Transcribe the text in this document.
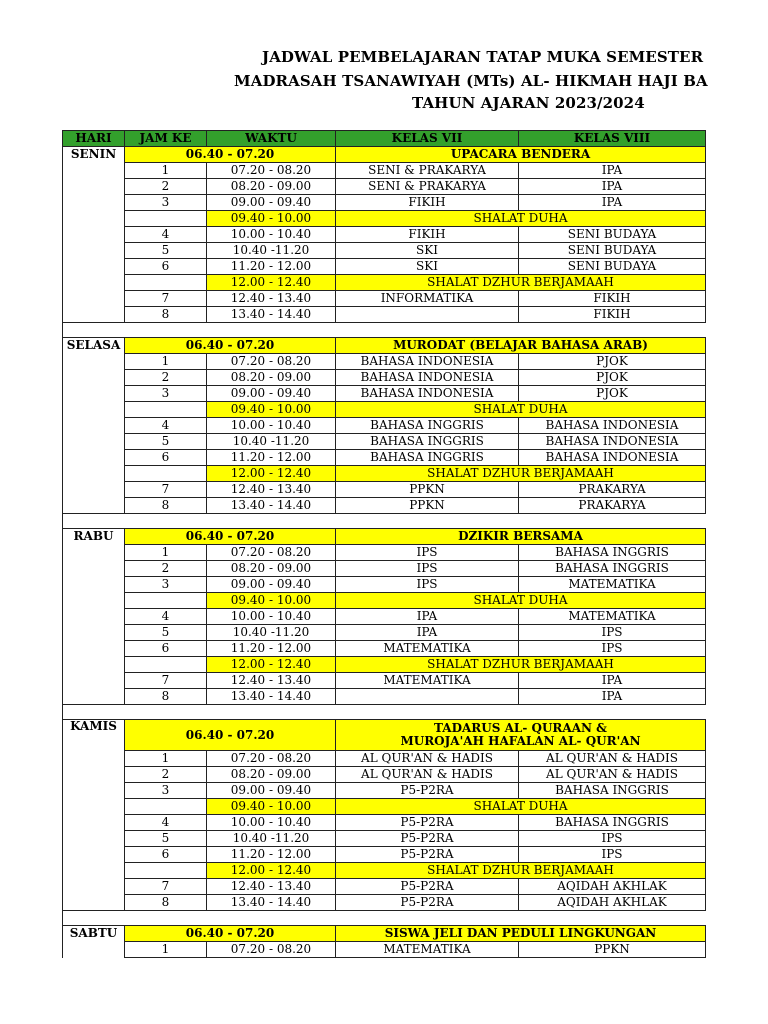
JADWAL PEMBELAJARAN TATAP MUKA SEMESTER
MADRASAH TSANAWIYAH (MTs) AL- HIKMAH HAJI BA
TAHUN AJARAN 2023/2024
HARI	JAM KE	WAKTU	KELAS VII	KELAS VIII
SENIN	06.40 - 07.20		UPACARA BENDERA	
	1	07.20 - 08.20	SENI & PRAKARYA	IPA
	2	08.20 - 09.00	SENI & PRAKARYA	IPA
	3	09.00 - 09.40	FIKIH	IPA
		09.40 - 10.00	SHALAT DUHA	
	4	10.00 - 10.40	FIKIH	SENI BUDAYA
	5	10.40 -11.20	SKI	SENI BUDAYA
	6	11.20 - 12.00	SKI	SENI BUDAYA
		12.00 - 12.40	SHALAT DZHUR BERJAMAAH	
	7	12.40 - 13.40	INFORMATIKA	FIKIH
	8	13.40 - 14.40		FIKIH

SELASA	06.40 - 07.20		MURODAT (BELAJAR BAHASA ARAB)	
	1	07.20 - 08.20	BAHASA INDONESIA	PJOK
	2	08.20 - 09.00	BAHASA INDONESIA	PJOK
	3	09.00 - 09.40	BAHASA INDONESIA	PJOK
		09.40 - 10.00	SHALAT DUHA	
	4	10.00 - 10.40	BAHASA INGGRIS	BAHASA INDONESIA
	5	10.40 -11.20	BAHASA INGGRIS	BAHASA INDONESIA
	6	11.20 - 12.00	BAHASA INGGRIS	BAHASA INDONESIA
		12.00 - 12.40	SHALAT DZHUR BERJAMAAH	
	7	12.40 - 13.40	PPKN	PRAKARYA
	8	13.40 - 14.40	PPKN	PRAKARYA

RABU	06.40 - 07.20		DZIKIR BERSAMA	
	1	07.20 - 08.20	IPS	BAHASA INGGRIS
	2	08.20 - 09.00	IPS	BAHASA INGGRIS
	3	09.00 - 09.40	IPS	MATEMATIKA
		09.40 - 10.00	SHALAT DUHA	
	4	10.00 - 10.40	IPA	MATEMATIKA
	5	10.40 -11.20	IPA	IPS
	6	11.20 - 12.00	MATEMATIKA	IPS
		12.00 - 12.40	SHALAT DZHUR BERJAMAAH	
	7	12.40 - 13.40	MATEMATIKA	IPA
	8	13.40 - 14.40		IPA

KAMIS	06.40 - 07.20		TADARUS AL- QURAAN &
MUROJA'AH HAFALAN AL- QUR'AN	

	1	07.20 - 08.20	AL QUR'AN & HADIS	AL QUR'AN & HADIS
	2	08.20 - 09.00	AL QUR'AN & HADIS	AL QUR'AN & HADIS
	3	09.00 - 09.40	P5-P2RA	BAHASA INGGRIS
		09.40 - 10.00	SHALAT DUHA	
	4	10.00 - 10.40	P5-P2RA	BAHASA INGGRIS
	5	10.40 -11.20	P5-P2RA	IPS
	6	11.20 - 12.00	P5-P2RA	IPS
		12.00 - 12.40	SHALAT DZHUR BERJAMAAH	
	7	12.40 - 13.40	P5-P2RA	AQIDAH AKHLAK
	8	13.40 - 14.40	P5-P2RA	AQIDAH AKHLAK

SABTU	06.40 - 07.20		SISWA JELI DAN PEDULI LINGKUNGAN	
	1	07.20 - 08.20	MATEMATIKA	PPKN
